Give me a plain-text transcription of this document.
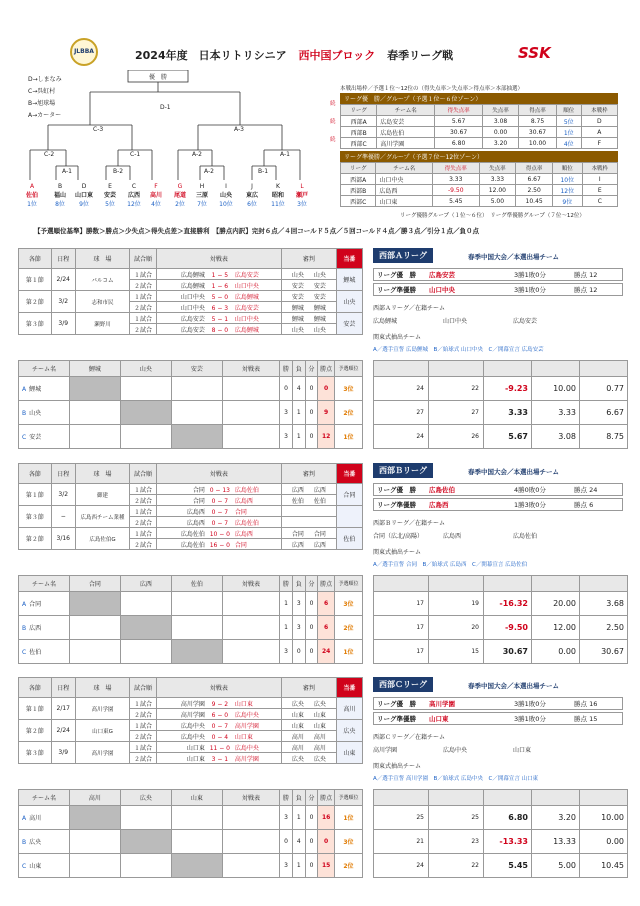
JLBBA	2024年度　日本リトリシニア 西中国ブロック 春季リーグ戦	SSK
D→しまなみ
C→呉虹村
B→旭球場
A→カーター
優　勝
D-1
C-3	A-3
C-2	C-1	A-2	A-1
A-1	B-2	A-2	B-1
A
佐伯
1位
B
福山
8位
D
山口東
9位
E
安芸
5位
C
広西
12位
F
高川
4位
G
尾道
2位
H
三原
7位
I
山央
10位
J
東広
6位
K
昭和
11位
L
瀬戸
3位
本戦出場枠／予選１位〜12位の（得失点率＞失点率＞得点率＞本部抽選）
リーグ優　勝／グループ（予選１位〜６位ゾーン）
リーグ	チーム名	得失点率	失点率	得点率	順位	本戦枠
西部A	広島安芸	5.67	3.08	8.75	5位	D
西部B	広島佐伯	30.67	0.00	30.67	1位	A
西部C	高川学園	6.80	3.20	10.00	4位	F
リーグ準優勝／グループ（予選７位〜12位ゾーン）
リーグ	チーム名	得失点率	失点率	得点率	順位	本戦枠
西部A	山口中央	3.33	3.33	6.67	10位	I
西部B	広島西	-9.50	12.00	2.50	12位	E
西部C	山口東	5.45	5.00	10.45	9位	C
リーグ優勝グループ（１位〜６位）　リーグ準優勝グループ（７位〜12位）
【予選順位基準】勝数＞勝点＞少失点＞得失点差＞直接勝利　【勝点内訳】完封６点／４回コールド５点／５回コールド４点／勝３点／引分１点／負０点
各節	日程	球　場	試合順	対戦表	審判	当番
第１節	2/24	バルコム	１試合	広島鯉城 1 − 5 広島安芸	山央 山央	鯉城
			２試合	広島鯉城 1 − 6 山口中央	安芸 安芸	
第２節	3/2	志和市民	１試合	山口中央 5 − 0 広島鯉城	安芸 安芸	山央
			２試合	山口中央 6 − 3 広島安芸	鯉城 鯉城	
第３節	3/9	瀬野川	１試合	広島安芸 5 − 1 山口中央	鯉城 鯉城	安芸
			２試合	広島安芸 8 − 0 広島鯉城	山央 山央	
チーム名	鯉城	山央	安芸	対戦表	勝	負	分	勝点	予選順位
A 鯉城					0	4	0	0	3位
B 山央					3	1	0	9	2位
C 安芸					3	1	0	12	1位
西部Ａリーグ	春季中国大会／本選出場チーム
リーグ優　勝 広島安芸	3勝1敗0分	勝点 12
リーグ準優勝 山口中央	3勝1敗0分	勝点 12
西部Ａリーグ／在籍チーム
広島鯉城	山口中央	広島安芸
関東式抽出チーム
A／選手宣誓 広島鯉城　B／始球式 山口中央　C／開幕宣言 広島安芸

24	22	-9.23	10.00	0.77
27	27	3.33	3.33	6.67
24	26	5.67	3.08	8.75
各節	日程	球　場	試合順	対戦表	審判	当番
第１節	3/2	御建	１試合	合同 0 − 13 広島佐伯	広西 広西	合同
			２試合	合同 0 − 7 広島西	佐伯 佐伯	
第３節	−	広島西チーム業種	１試合	広島西 0 − 7 合同		
			２試合	広島西 0 − 7 広島佐伯		
第２節	3/16	広島佐伯G	１試合	広島佐伯 10 − 0 広島西	合同 合同	佐伯
			２試合	広島佐伯 16 − 0 合同	広西 広西	
チーム名	合同	広西	佐伯	対戦表	勝	負	分	勝点	予選順位
A 合同					1	3	0	6	3位
B 広西					1	3	0	6	2位
C 佐伯					3	0	0	24	1位
西部Ｂリーグ	春季中国大会／本選出場チーム
リーグ優　勝 広島佐伯	4勝0敗0分	勝点 24
リーグ準優勝 広島西	1勝3敗0分	勝点 6
西部Ｂリーグ／在籍チーム
合同（広北/高陽）	広島西	広島佐伯
関東式抽出チーム
A／選手宣誓 合同　B／始球式 広島西　C／開幕宣言 広島佐伯

17	19	-16.32	20.00	3.68
17	20	-9.50	12.00	2.50
17	15	30.67	0.00	30.67
各節	日程	球　場	試合順	対戦表	審判	当番
第１節	2/17	高川学園	１試合	高川学園 9 − 2 山口東	広央 広央	高川
			２試合	高川学園 6 − 0 広島中央	山東 山東	
第２節	2/24	山口東G	１試合	広島中央 0 − 7 高川学園	山東 山東	広央
			２試合	広島中央 0 − 4 山口東	高川 高川	
第３節	3/9	高川学園	１試合	山口東 11 − 0 広島中央	高川 高川	山東
			２試合	山口東 3 − 1 高川学園	広央 広央	
チーム名	高川	広央	山東	対戦表	勝	負	分	勝点	予選順位
A 高川					3	1	0	16	1位
B 広央					0	4	0	0	3位
C 山東					3	1	0	15	2位
西部Ｃリーグ	春季中国大会／本選出場チーム
リーグ優　勝 高川学園	3勝1敗0分	勝点 16
リーグ準優勝 山口東	3勝1敗0分	勝点 15
西部Ｃリーグ／在籍チーム
高川学園	広島中央	山口東
関東式抽出チーム
A／選手宣誓 高川学園　B／始球式 広島中央　C／開幕宣言 山口東

25	25	6.80	3.20	10.00
21	23	-13.33	13.33	0.00
24	22	5.45	5.00	10.45
続
続
続
